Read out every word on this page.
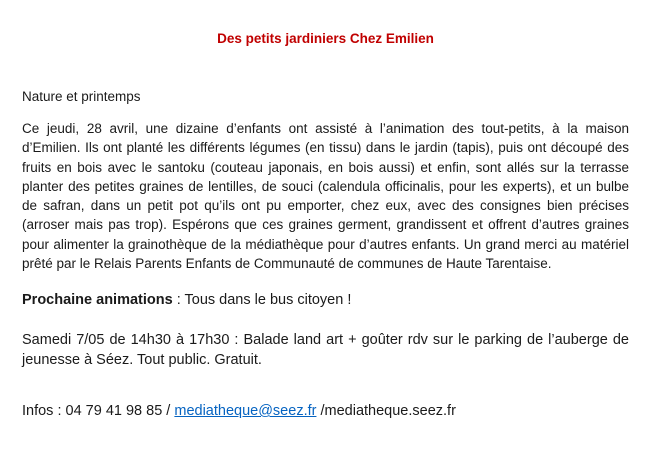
Des petits jardiniers Chez Emilien
Nature et printemps

Ce jeudi, 28 avril, une dizaine d’enfants ont assisté à l’animation des tout-petits, à la maison d’Emilien. Ils ont planté les différents légumes (en tissu) dans le jardin (tapis), puis ont découpé des fruits en bois avec le santoku (couteau japonais, en bois aussi) et enfin, sont allés sur la terrasse planter des petites graines de lentilles, de souci (calendula officinalis, pour les experts), et un bulbe de safran, dans un petit pot qu’ils ont pu emporter, chez eux, avec des consignes bien précises (arroser mais pas trop). Espérons que ces graines germent, grandissent et offrent d’autres graines pour alimenter la grainothèque de la médiathèque pour d’autres enfants. Un grand merci au matériel prêté par le Relais Parents Enfants de Communauté de communes de Haute Tarentaise.

Prochaine animations : Tous dans le bus citoyen !

Samedi 7/05 de 14h30 à 17h30 : Balade land art + goûter rdv sur le parking de l’auberge de jeunesse à Séez. Tout public. Gratuit.

Infos : 04 79 41 98 85 / mediatheque@seez.fr /mediatheque.seez.fr
